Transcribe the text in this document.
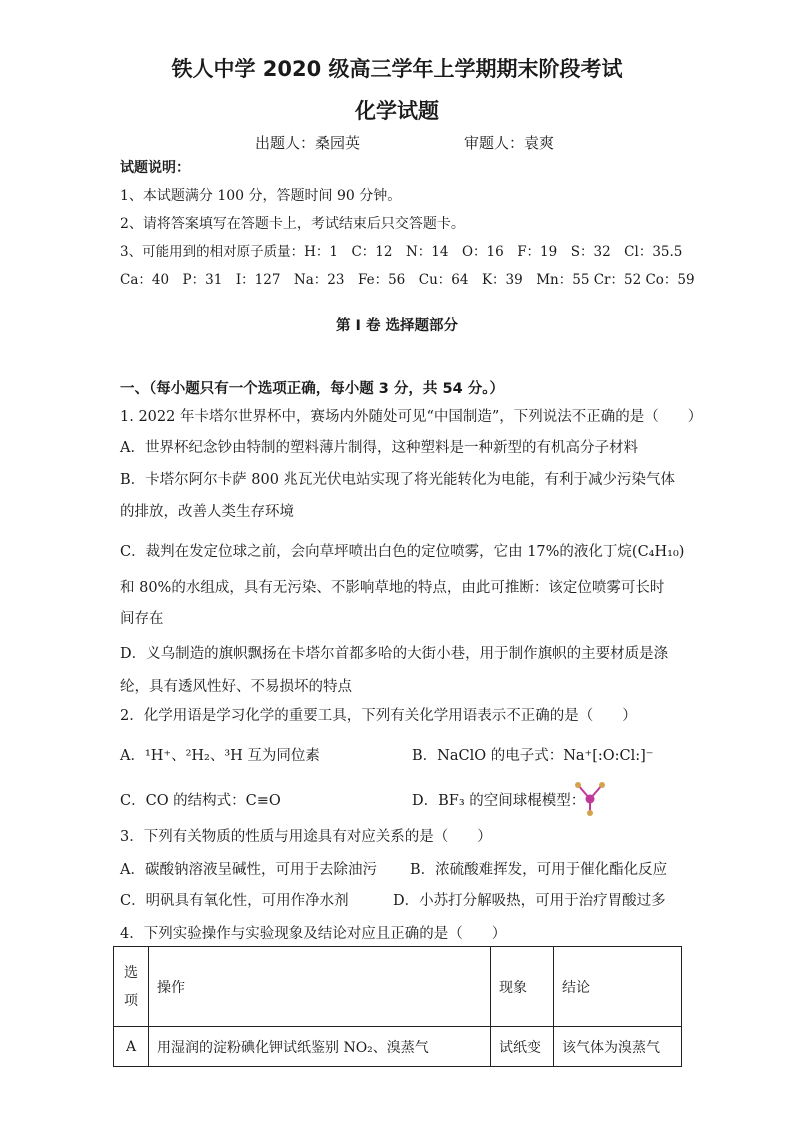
铁人中学 2020 级高三学年上学期期末阶段考试
化学试题
出题人：桑园英	审题人：袁爽
试题说明：
1、本试题满分 100 分，答题时间 90 分钟。
2、请将答案填写在答题卡上，考试结束后只交答题卡。
3、可能用到的相对原子质量：H：1　C：12　N：14　O：16　F：19　S：32　Cl：35.5
Ca：40　P：31　I：127　Na：23　Fe：56　Cu：64　K：39　Mn：55 Cr：52 Co：59
第 I 卷 选择题部分
一、（每小题只有一个选项正确，每小题 3 分，共 54 分。）
1. 2022 年卡塔尔世界杯中，赛场内外随处可见“中国制造”，下列说法不正确的是（　　）
A．世界杯纪念钞由特制的塑料薄片制得，这种塑料是一种新型的有机高分子材料
B．卡塔尔阿尔卡萨 800 兆瓦光伏电站实现了将光能转化为电能，有利于减少污染气体
的排放，改善人类生存环境
C．裁判在发定位球之前，会向草坪喷出白色的定位喷雾，它由 17%的液化丁烷(C₄H₁₀)
和 80%的水组成，具有无污染、不影响草地的特点，由此可推断：该定位喷雾可长时
间存在
D．义乌制造的旗帜飘扬在卡塔尔首都多哈的大街小巷，用于制作旗帜的主要材质是涤
纶，具有透风性好、不易损坏的特点
2．化学用语是学习化学的重要工具，下列有关化学用语表示不正确的是（　　）
A．¹H⁺、²H₂、³H 互为同位素	B．NaClO 的电子式：Na⁺[:O:Cl:]⁻
C．CO 的结构式：C≡O	D．BF₃ 的空间球棍模型：
3．下列有关物质的性质与用途具有对应关系的是（　　）
A．碳酸钠溶液呈碱性，可用于去除油污 B．浓硫酸难挥发，可用于催化酯化反应
C．明矾具有氧化性，可用作净水剂	D．小苏打分解吸热，可用于治疗胃酸过多
4．下列实验操作与实验现象及结论对应且正确的是（　　）
选项	操作	现象	结论
A	用湿润的淀粉碘化钾试纸鉴别 NO₂、溴蒸气	试纸变	该气体为溴蒸气
